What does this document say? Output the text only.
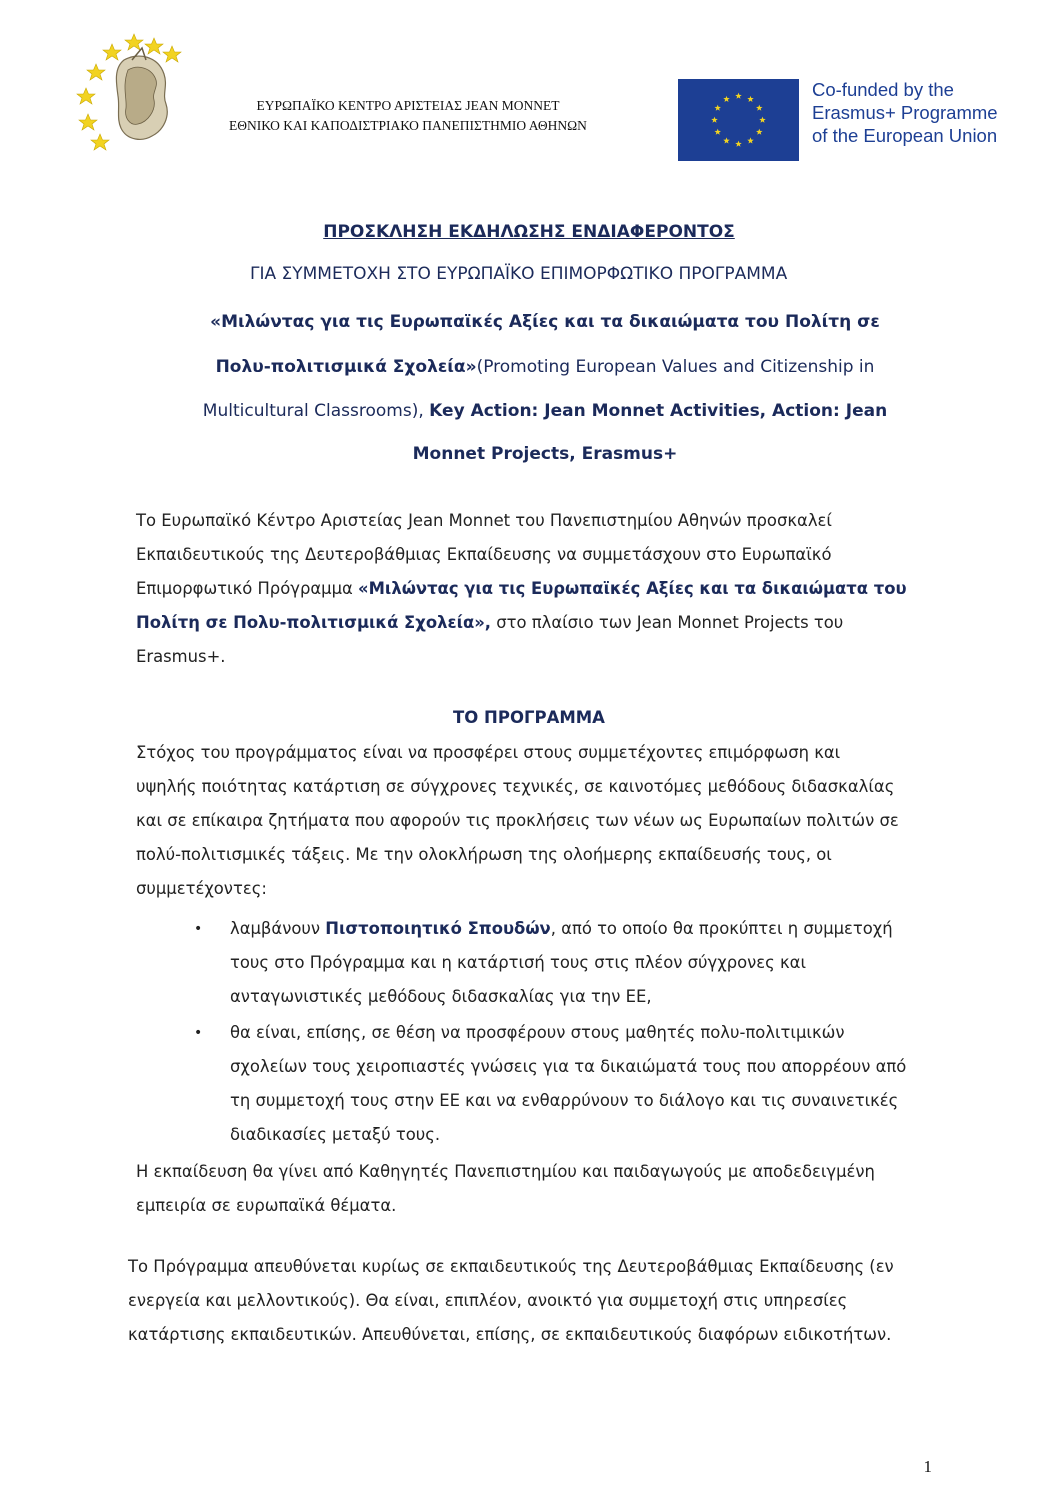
ΕΥΡΩΠΑΪΚΟ ΚΕΝΤΡΟ ΑΡΙΣΤΕΙΑΣ JEAN MONNET
ΕΘΝΙΚΟ ΚΑΙ ΚΑΠΟΔΙΣΤΡΙΑΚΟ ΠΑΝΕΠΙΣΤΗΜΙΟ ΑΘΗΝΩΝ
Co-funded by the
Erasmus+ Programme
of the European Union
ΠΡΟΣΚΛΗΣΗ ΕΚΔΗΛΩΣΗΣ ΕΝΔΙΑΦΕΡΟΝΤΟΣ
ΓΙΑ ΣΥΜΜΕΤΟΧΗ ΣΤΟ ΕΥΡΩΠΑΪΚΟ ΕΠΙΜΟΡΦΩΤΙΚΟ ΠΡΟΓΡΑΜΜΑ
«Μιλώντας για τις Ευρωπαϊκές Αξίες και τα δικαιώματα του Πολίτη σε
Πολυ-πολιτισμικά Σχολεία»(Promoting European Values and Citizenship in
Multicultural Classrooms), Key Action: Jean Monnet Activities, Action: Jean
Monnet Projects, Erasmus+
Το Ευρωπαϊκό Κέντρο Αριστείας Jean Monnet του Πανεπιστημίου Αθηνών προσκαλεί
Εκπαιδευτικούς της Δευτεροβάθμιας Εκπαίδευσης να συμμετάσχουν στο Ευρωπαϊκό
Επιμορφωτικό Πρόγραμμα «Μιλώντας για τις Ευρωπαϊκές Αξίες και τα δικαιώματα του
Πολίτη σε Πολυ-πολιτισμικά Σχολεία», στο πλαίσιο των Jean Monnet Projects του
Erasmus+.
ΤΟ ΠΡΟΓΡΑΜΜΑ
Στόχος του προγράμματος είναι να προσφέρει στους συμμετέχοντες επιμόρφωση και
υψηλής ποιότητας κατάρτιση σε σύγχρονες τεχνικές, σε καινοτόμες μεθόδους διδασκαλίας
και σε επίκαιρα ζητήματα που αφορούν τις προκλήσεις των νέων ως Ευρωπαίων πολιτών σε
πολύ-πολιτισμικές τάξεις. Με την ολοκλήρωση της ολοήμερης εκπαίδευσής τους, οι
συμμετέχοντες:
• λαμβάνουν Πιστοποιητικό Σπουδών, από το οποίο θα προκύπτει η συμμετοχή
τους στο Πρόγραμμα και η κατάρτισή τους στις πλέον σύγχρονες και
ανταγωνιστικές μεθόδους διδασκαλίας για την ΕΕ,
• θα είναι, επίσης, σε θέση να προσφέρουν στους μαθητές πολυ-πολιτιμικών
σχολείων τους χειροπιαστές γνώσεις για τα δικαιώματά τους που απορρέουν από
τη συμμετοχή τους στην ΕΕ και να ενθαρρύνουν το διάλογο και τις συναινετικές
διαδικασίες μεταξύ τους.
Η εκπαίδευση θα γίνει από Καθηγητές Πανεπιστημίου και παιδαγωγούς με αποδεδειγμένη
εμπειρία σε ευρωπαϊκά θέματα.
Το Πρόγραμμα απευθύνεται κυρίως σε εκπαιδευτικούς της Δευτεροβάθμιας Εκπαίδευσης (εν
ενεργεία και μελλοντικούς). Θα είναι, επιπλέον, ανοικτό για συμμετοχή στις υπηρεσίες
κατάρτισης εκπαιδευτικών. Απευθύνεται, επίσης, σε εκπαιδευτικούς διαφόρων ειδικοτήτων.
1
